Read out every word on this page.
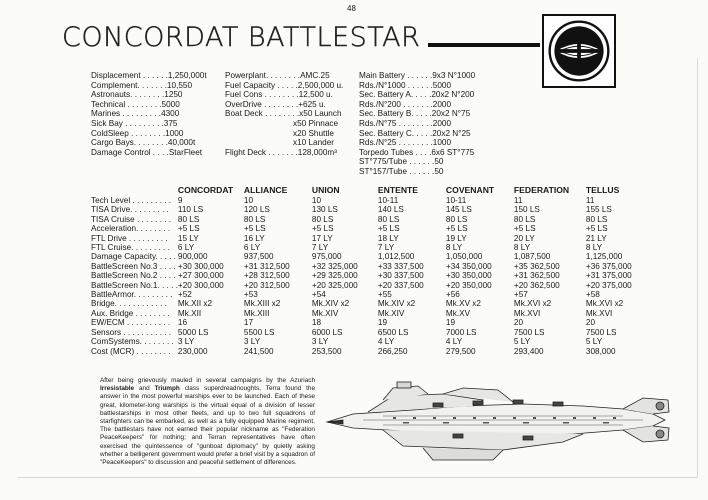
48
CONCORDAT BATTLESTAR
Displacement . . . . . .1,250,000t
Complement. . . . . . .10,550
Astronauts. . . . . . . .1250
Technical . . . . . . . .5000
Marines . . . . . . . . .4300
Sick Bay . . . . . . . . .375
ColdSleep . . . . . . . .1000
Cargo Bays. . . . . . . .40,000t
Damage Control . . . .StarFleet
Powerplant. . . . . . . .AMC.25
Fuel Capacity . . . . .2,500,000 u.
Fuel Cons . . . . . . . .12,500 u.
OverDrive . . . . . . . .+625 u.
Boat Deck . . . . . . . .x50 Launch
x50 Pinnace
x20 Shuttle
x10 Lander
Flight Deck . . . . . . .128,000m³
Main Battery . . . . . .9x3 N°1000
Rds./N°1000 . . . . . .5000
Sec. Battery A. . . . .20x2 N°200
Rds./N°200 . . . . . . .2000
Sec. Battery B. . . . .20x2 N°75
Rds./N°75 . . . . . . . .2000
Sec. Battery C. . . . .20x2 N°25
Rds./N°25 . . . . . . . .1000
Torpedo Tubes . . . .6x6 ST°775
ST°775/Tube . . . . . .50
ST°157/Tube . . . . . .50
	CONCORDAT	ALLIANCE	UNION	ENTENTE	COVENANT	FEDERATION	TELLUS
Tech Level . . . . . . . . .	9	10	10	10-11	10-11	11	11
TISA Drive. . . . . . . . .	110 LS	120 LS	130 LS	140 LS	145 LS	150 LS	155 LS
TISA Cruise . . . . . . . .	80 LS	80 LS	80 LS	80 LS	80 LS	80 LS	80 LS
Acceleration. . . . . . . .	+5 LS	+5 LS	+5 LS	+5 LS	+5 LS	+5 LS	+5 LS
FTL Drive . . . . . . . . .	15 LY	16 LY	17 LY	18 LY	19 LY	20 LY	21 LY
FTL Cruise. . . . . . . . .	6 LY	6 LY	7 LY	7 LY	8 LY	8 LY	8 LY
Damage Capacity. . . . .	900,000	937,500	975,000	1,012,500	1,050,000	1,087,500	1,125,000
BattleScreen No.3 . . . .	+30 300,000	+31 312,500	+32 325,000	+33 337,500	+34 350,000	+35 362,500	+36 375,000
BattleScreen No.2 . . . .	+27 300,000	+28 312,500	+29 325,000	+30 337,500	+30 350,000	+31 362,500	+31 375,000
BattleScreen No.1. . . . .	+20 300,000	+20 312,500	+20 325,000	+20 337,500	+20 350,000	+20 362,500	+20 375,000
BattleArmor. . . . . . . . .	+52	+53	+54	+55	+56	+57	+58
Bridge. . . . . . . . . . . .	Mk.XII x2	Mk.XIII x2	Mk.XIV x2	Mk.XIV x2	Mk.XV x2	Mk.XVI x2	Mk.XVI x2
Aux. Bridge . . . . . . . .	Mk.XII	Mk.XIII	Mk.XIV	Mk.XIV	Mk.XV	Mk.XVI	Mk.XVI
EW/ECM . . . . . . . . . .	16	17	18	19	19	20	20
Sensors . . . . . . . . . . .	5000 LS	5500 LS	6000 LS	6500 LS	7000 LS	7500 LS	7500 LS
ComSystems. . . . . . . .	3 LY	3 LY	3 LY	4 LY	4 LY	5 LY	5 LY
Cost (MCR) . . . . . . . .	230,000	241,500	253,500	266,250	279,500	293,400	308,000
After being grievously mauled in several campaigns by the Azuriach Irresistable and Triumph class superdreadnoughts, Terra found the answer in the most powerful warships ever to be launched. Each of these great, kilometer-long warships is the virtual equal of a division of lesser battlestarships in most other fleets, and up to two full squadrons of starfighters can be embarked, as well as a fully equipped Marine regiment. The battlestars have not earned their popular nickname as "Federation PeaceKeepers" for nothing; and Terran representatives have often exercised the quintessence of "gunboat diplomacy" by quietly asking whether a belligerent government would prefer a brief visit by a squadron of "PeaceKeepers" to discussion and peaceful settlement of differences.
